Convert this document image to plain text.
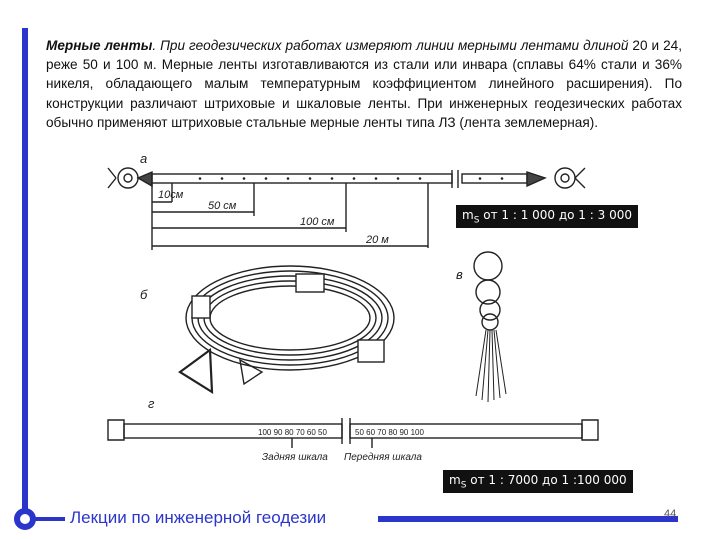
Мерные ленты. При геодезических работах измеряют линии мерными лентами длиной 20 и 24, реже 50 и 100 м. Мерные ленты изготавливаются из стали или инвара (сплавы 64% стали и 36% никеля, обладающего малым температурным коэффициентом линейного расширения). По конструкции различают штриховые и шкаловые ленты. При инженерных геодезических работах обычно применяют штриховые стальные мерные ленты типа ЛЗ (лента землемерная).
а
10см
50 см
100 см
20 м
б
в
г
100 90 80 70 60 50	50 60 70 80 90 100
Задняя шкала Передняя шкала
$m_S$ от 1 : 1 000 до 1 : 3 000
$m_S$ от 1 : 7000 до 1 :100 000
Лекции по инженерной геодезии	44
